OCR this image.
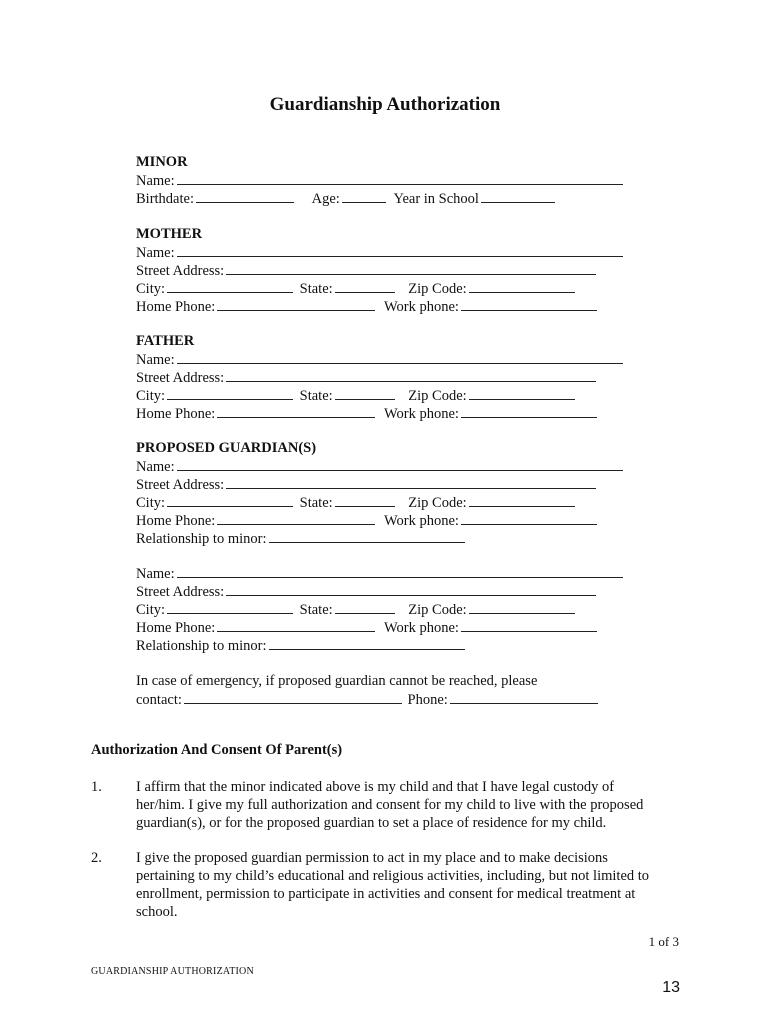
Guardianship Authorization
MINOR
Name:
Birthdate:	Age:	Year in School
MOTHER
Name:
Street Address:
City:	State:	Zip Code:
Home Phone:	Work phone:
FATHER
Name:
Street Address:
City:	State:	Zip Code:
Home Phone:	Work phone:
PROPOSED GUARDIAN(S)
Name:
Street Address:
City:	State:	Zip Code:
Home Phone:	Work phone:
Relationship to minor:
Name:
Street Address:
City:	State:	Zip Code:
Home Phone:	Work phone:
Relationship to minor:
In case of emergency, if proposed guardian cannot be reached, please
contact:	Phone:
Authorization And Consent Of Parent(s)
1. I affirm that the minor indicated above is my child and that I have legal custody of
her/him. I give my full authorization and consent for my child to live with the proposed
guardian(s), or for the proposed guardian to set a place of residence for my child.
2. I give the proposed guardian permission to act in my place and to make decisions
pertaining to my child’s educational and religious activities, including, but not limited to
enrollment, permission to participate in activities and consent for medical treatment at
school.
1 of 3
GUARDIANSHIP AUTHORIZATION
13
